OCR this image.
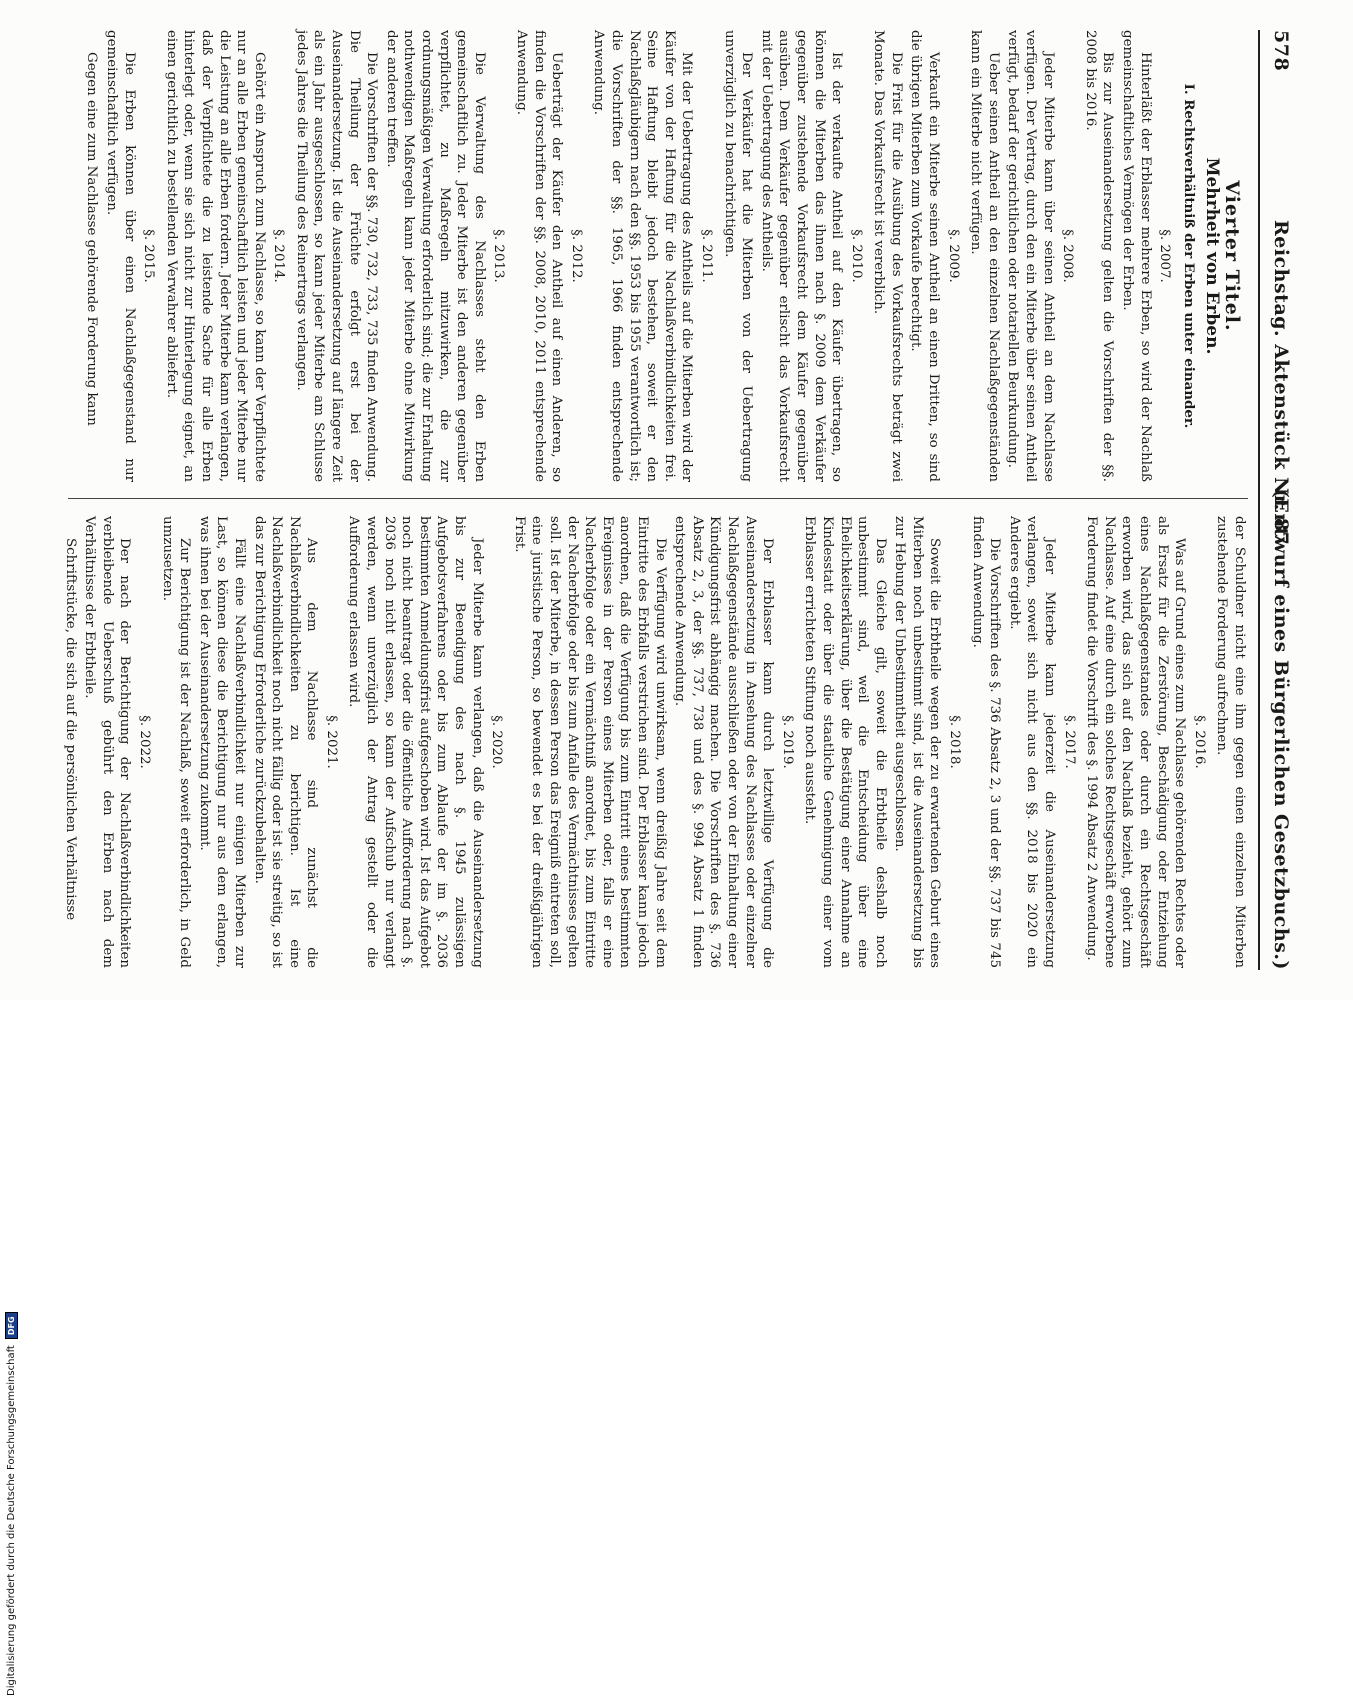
578
Reichstag. Aktenstück Nr. 87.
(Entwurf eines Bürgerlichen Gesetzbuchs.)
Vierter Titel.
Mehrheit von Erben.
I. Rechtsverhältniß der Erben unter einander.
§. 2007.

Hinterläßt der Erblasser mehrere Erben, so wird der Nachlaß gemeinschaftliches Vermögen der Erben.

Bis zur Auseinandersetzung gelten die Vorschriften der §§. 2008 bis 2016.

§. 2008.

Jeder Miterbe kann über seinen Antheil an dem Nachlasse verfügen. Der Vertrag, durch den ein Miterbe über seinen Antheil verfügt, bedarf der gerichtlichen oder notariellen Beurkundung.

Ueber seinen Antheil an den einzelnen Nachlaßgegenständen kann ein Miterbe nicht verfügen.

§. 2009.

Verkauft ein Miterbe seinen Antheil an einen Dritten, so sind die übrigen Miterben zum Vorkaufe berechtigt.

Die Frist für die Ausübung des Vorkaufsrechts beträgt zwei Monate. Das Vorkaufsrecht ist vererblich.

§. 2010.

Ist der verkaufte Antheil auf den Käufer übertragen, so können die Miterben das ihnen nach §. 2009 dem Verkäufer gegenüber zustehende Vorkaufsrecht dem Käufer gegenüber ausüben. Dem Verkäufer gegenüber erlischt das Vorkaufsrecht mit der Uebertragung des Antheils.

Der Verkäufer hat die Miterben von der Uebertragung unverzüglich zu benachrichtigen.

§. 2011.

Mit der Uebertragung des Antheils auf die Miterben wird der Käufer von der Haftung für die Nachlaßverbindlichkeiten frei. Seine Haftung bleibt jedoch bestehen, soweit er den Nachlaßgläubigern nach den §§. 1953 bis 1955 verantwortlich ist; die Vorschriften der §§. 1965, 1966 finden entsprechende Anwendung.

§. 2012.

Ueberträgt der Käufer den Antheil auf einen Anderen, so finden die Vorschriften der §§. 2008, 2010, 2011 entsprechende Anwendung.

§. 2013.

Die Verwaltung des Nachlasses steht den Erben gemeinschaftlich zu. Jeder Miterbe ist den anderen gegenüber verpflichtet, zu Maßregeln mitzuwirken, die zur ordnungsmäßigen Verwaltung erforderlich sind; die zur Erhaltung nothwendigen Maßregeln kann jeder Miterbe ohne Mitwirkung der anderen treffen.

Die Vorschriften der §§. 730, 732, 733, 735 finden Anwendung. Die Theilung der Früchte erfolgt erst bei der Auseinandersetzung. Ist die Auseinandersetzung auf längere Zeit als ein Jahr ausgeschlossen, so kann jeder Miterbe am Schlusse jedes Jahres die Theilung des Reinertrags verlangen.

§. 2014.

Gehört ein Anspruch zum Nachlasse, so kann der Verpflichtete nur an alle Erben gemeinschaftlich leisten und jeder Miterbe nur die Leistung an alle Erben fordern. Jeder Miterbe kann verlangen, daß der Verpflichtete die zu leistende Sache für alle Erben hinterlegt oder, wenn sie sich nicht zur Hinterlegung eignet, an einen gerichtlich zu bestellenden Verwahrer abliefert.

§. 2015.

Die Erben können über einen Nachlaßgegenstand nur gemeinschaftlich verfügen.

Gegen eine zum Nachlasse gehörende Forderung kann

der Schuldner nicht eine ihm gegen einen einzelnen Miterben zustehende Forderung aufrechnen.

§. 2016.

Was auf Grund eines zum Nachlasse gehörenden Rechtes oder als Ersatz für die Zerstörung, Beschädigung oder Entziehung eines Nachlaßgegenstandes oder durch ein Rechtsgeschäft erworben wird, das sich auf den Nachlaß bezieht, gehört zum Nachlasse. Auf eine durch ein solches Rechtsgeschäft erworbene Forderung findet die Vorschrift des §. 1994 Absatz 2 Anwendung.

§. 2017.

Jeder Miterbe kann jederzeit die Auseinandersetzung verlangen, soweit sich nicht aus den §§. 2018 bis 2020 ein Anderes ergiebt.

Die Vorschriften des §. 736 Absatz 2, 3 und der §§. 737 bis 745 finden Anwendung.

§. 2018.

Soweit die Erbtheile wegen der zu erwartenden Geburt eines Miterben noch unbestimmt sind, ist die Auseinandersetzung bis zur Hebung der Unbestimmtheit ausgeschlossen.

Das Gleiche gilt, soweit die Erbtheile deshalb noch unbestimmt sind, weil die Entscheidung über eine Ehelichkeitserklärung, über die Bestätigung einer Annahme an Kindesstatt oder über die staatliche Genehmigung einer vom Erblasser errichteten Stiftung noch aussteht.

§. 2019.

Der Erblasser kann durch letztwillige Verfügung die Auseinandersetzung in Ansehung des Nachlasses oder einzelner Nachlaßgegenstände ausschließen oder von der Einhaltung einer Kündigungsfrist abhängig machen. Die Vorschriften des §. 736 Absatz 2, 3, der §§. 737, 738 und des §. 994 Absatz 1 finden entsprechende Anwendung.

Die Verfügung wird unwirksam, wenn dreißig Jahre seit dem Eintritte des Erbfalls verstrichen sind. Der Erblasser kann jedoch anordnen, daß die Verfügung bis zum Eintritt eines bestimmten Ereignisses in der Person eines Miterben oder, falls er eine Nacherbfolge oder ein Vermächtniß anordnet, bis zum Eintritte der Nacherbfolge oder bis zum Anfalle des Vermächtnisses gelten soll. Ist der Miterbe, in dessen Person das Ereigniß eintreten soll, eine juristische Person, so bewendet es bei der dreißigjährigen Frist.

§. 2020.

Jeder Miterbe kann verlangen, daß die Auseinandersetzung bis zur Beendigung des nach §. 1945 zulässigen Aufgebotsverfahrens oder bis zum Ablaufe der im §. 2036 bestimmten Anmeldungsfrist aufgeschoben wird. Ist das Aufgebot noch nicht beantragt oder die öffentliche Aufforderung nach §. 2036 noch nicht erlassen, so kann der Aufschub nur verlangt werden, wenn unverzüglich der Antrag gestellt oder die Aufforderung erlassen wird.

§. 2021.

Aus dem Nachlasse sind zunächst die Nachlaßverbindlichkeiten zu berichtigen. Ist eine Nachlaßverbindlichkeit noch nicht fällig oder ist sie streitig, so ist das zur Berichtigung Erforderliche zurückzubehalten.

Fällt eine Nachlaßverbindlichkeit nur einigen Miterben zur Last, so können diese die Berichtigung nur aus dem erlangen, was ihnen bei der Auseinandersetzung zukommt.

Zur Berichtigung ist der Nachlaß, soweit erforderlich, in Geld umzusetzen.

§. 2022.

Der nach der Berichtigung der Nachlaßverbindlichkeiten verbleibende Ueberschuß gebührt den Erben nach dem Verhältnisse der Erbtheile.

Schriftstücke, die sich auf die persönlichen Verhältnisse

Digitalisierung gefördert durch die Deutsche Forschungsgemeinschaft
DFG
